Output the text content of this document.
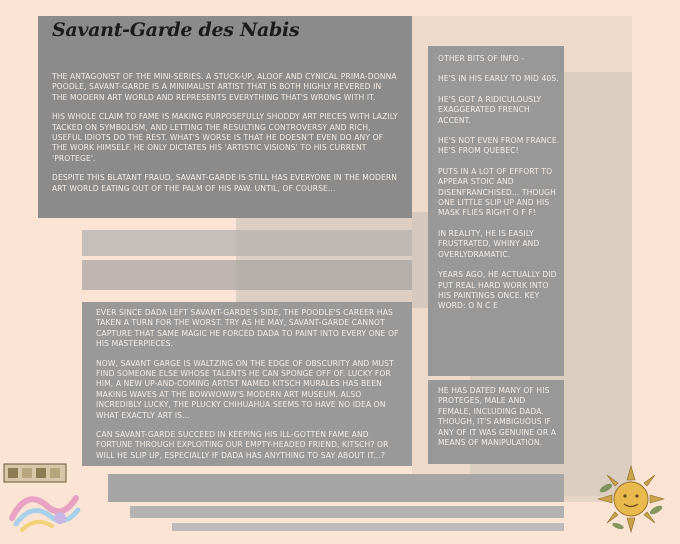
Savant-Garde des Nabis

THE ANTAGONIST OF THE MINI-SERIES. A STUCK-UP, ALOOF AND CYNICAL PRIMA-DONNA POODLE, SAVANT-GARDE IS A MINIMALIST ARTIST THAT IS BOTH HIGHLY REVERED IN THE MODERN ART WORLD AND REPRESENTS EVERYTHING THAT'S WRONG WITH IT.

HIS WHOLE CLAIM TO FAME IS MAKING PURPOSEFULLY SHODDY ART PIECES WITH LAZILY TACKED ON SYMBOLISM, AND LETTING THE RESULTING CONTROVERSY AND RICH, USEFUL IDIOTS DO THE REST. WHAT'S WORSE IS THAT HE DOESN'T EVEN DO ANY OF THE WORK HIMSELF. HE ONLY DICTATES HIS 'ARTISTIC VISIONS' TO HIS CURRENT 'PROTEGE'.

DESPITE THIS BLATANT FRAUD, SAVANT-GARDE IS STILL HAS EVERYONE IN THE MODERN ART WORLD EATING OUT OF THE PALM OF HIS PAW. UNTIL, OF COURSE...

EVER SINCE DADA LEFT SAVANT-GARDE'S SIDE, THE POODLE'S CAREER HAS TAKEN A TURN FOR THE WORST. TRY AS HE MAY, SAVANT-GARDE CANNOT CAPTURE THAT SAME MAGIC HE FORCED DADA TO PAINT INTO EVERY ONE OF HIS MASTERPIECES.

NOW, SAVANT GARGE IS WALTZING ON THE EDGE OF OBSCURITY AND MUST FIND SOMEONE ELSE WHOSE TALENTS HE CAN SPONGE OFF OF. LUCKY FOR HIM, A NEW UP-AND-COMING ARTIST NAMED KITSCH MURALES HAS BEEN MAKING WAVES AT THE BOWWOWW'S MODERN ART MUSEUM. ALSO INCREDIBLY LUCKY, THE PLUCKY CHIHUAHUA SEEMS TO HAVE NO IDEA ON WHAT EXACTLY ART IS...

CAN SAVANT-GARDE SUCCEED IN KEEPING HIS ILL-GOTTEN FAME AND FORTUNE THROUGH EXPLOITING OUR EMPTY-HEADED FRIEND, KITSCH? OR WILL HE SLIP UP, ESPECIALLY IF DADA HAS ANYTHING TO SAY ABOUT IT...?

OTHER BITS OF INFO -

HE'S IN HIS EARLY TO MID 40S.

HE'S GOT A RIDICULOUSLY EXAGGERATED FRENCH ACCENT.

HE'S NOT EVEN FROM FRANCE. HE'S FROM QUEBEC!

PUTS IN A LOT OF EFFORT TO APPEAR STOIC AND DISENFRANCHISED... THOUGH ONE LITTLE SLIP UP AND HIS MASK FLIES RIGHT O F F!

IN REALITY, HE IS EASILY FRUSTRATED, WHINY AND OVERLYDRAMATIC.

YEARS AGO, HE ACTUALLY DID PUT REAL HARD WORK INTO HIS PAINTINGS ONCE. KEY WORD: O N C E

HE HAS DATED MANY OF HIS PROTEGES, MALE AND FEMALE, INCLUDING DADA. THOUGH, IT'S AMBIGUOUS IF ANY OF IT WAS GENUINE OR A MEANS OF MANIPULATION.
